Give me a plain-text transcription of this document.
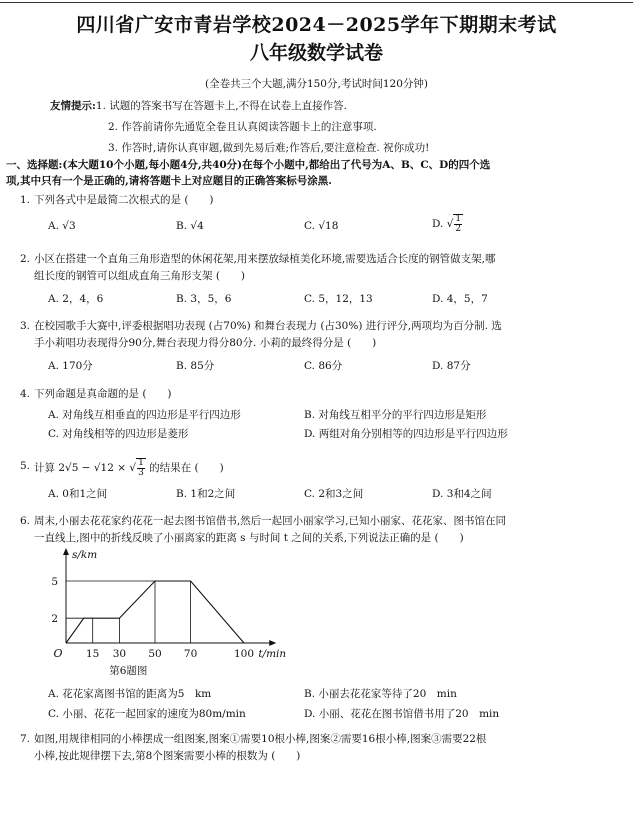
四川省广安市青岩学校2024－2025学年下期期末考试
八年级数学试卷
(全卷共三个大题,满分150分,考试时间120分钟)
友情提示:1. 试题的答案书写在答题卡上,不得在试卷上直接作答.
2. 作答前请你先通览全卷且认真阅读答题卡上的注意事项.
3. 作答时,请你认真审题,做到先易后难;作答后,要注意检查. 祝你成功!
一、选择题:(本大题10个小题,每小题4分,共40分)在每个小题中,都给出了代号为A、B、C、D的四个选
项,其中只有一个是正确的,请将答题卡上对应题目的正确答案标号涂黑.
1. 下列各式中是最简二次根式的是 (　　)
A. √3	B. √4	C. √18	D. √ $\frac{1}{2}$
2. 小区在搭建一个直角三角形造型的休闲花架,用来摆放绿植美化环境,需要选适合长度的钢管做支架,哪
组长度的钢管可以组成直角三角形支架 (　　)
A. 2，4，6	B. 3，5，6	C. 5，12，13	D. 4，5，7
3. 在校园歌手大赛中,评委根据唱功表现 (占70%) 和舞台表现力 (占30%) 进行评分,两项均为百分制. 选
手小莉唱功表现得分90分,舞台表现力得分80分. 小莉的最终得分是 (　　)
A. 170分	B. 85分	C. 86分	D. 87分
4. 下列命题是真命题的是 (　　)
A. 对角线互相垂直的四边形是平行四边形	B. 对角线互相平分的平行四边形是矩形
C. 对角线相等的四边形是菱形	D. 两组对角分别相等的四边形是平行四边形
5. 计算 2√5 − √12 × √ $\frac{1}{3}$ 的结果在 (　　)
A. 0和1之间	B. 1和2之间	C. 2和3之间	D. 3和4之间
6. 周末,小丽去花花家约花花一起去图书馆借书,然后一起回小丽家学习,已知小丽家、花花家、图书馆在同
一直线上,图中的折线反映了小丽离家的距离 s 与时间 t 之间的关系,下列说法正确的是 (　　)
15 30 50 70	100
2
5
O	t/min
s/km
第6题图
A. 花花家离图书馆的距离为5　km	B. 小丽去花花家等待了20　min
C. 小丽、花花一起回家的速度为80m/min	D. 小丽、花花在图书馆借书用了20　min
7. 如图,用规律相同的小棒摆成一组图案,图案①需要10根小棒,图案②需要16根小棒,图案③需要22根
小棒,按此规律摆下去,第8个图案需要小棒的根数为 (　　)
